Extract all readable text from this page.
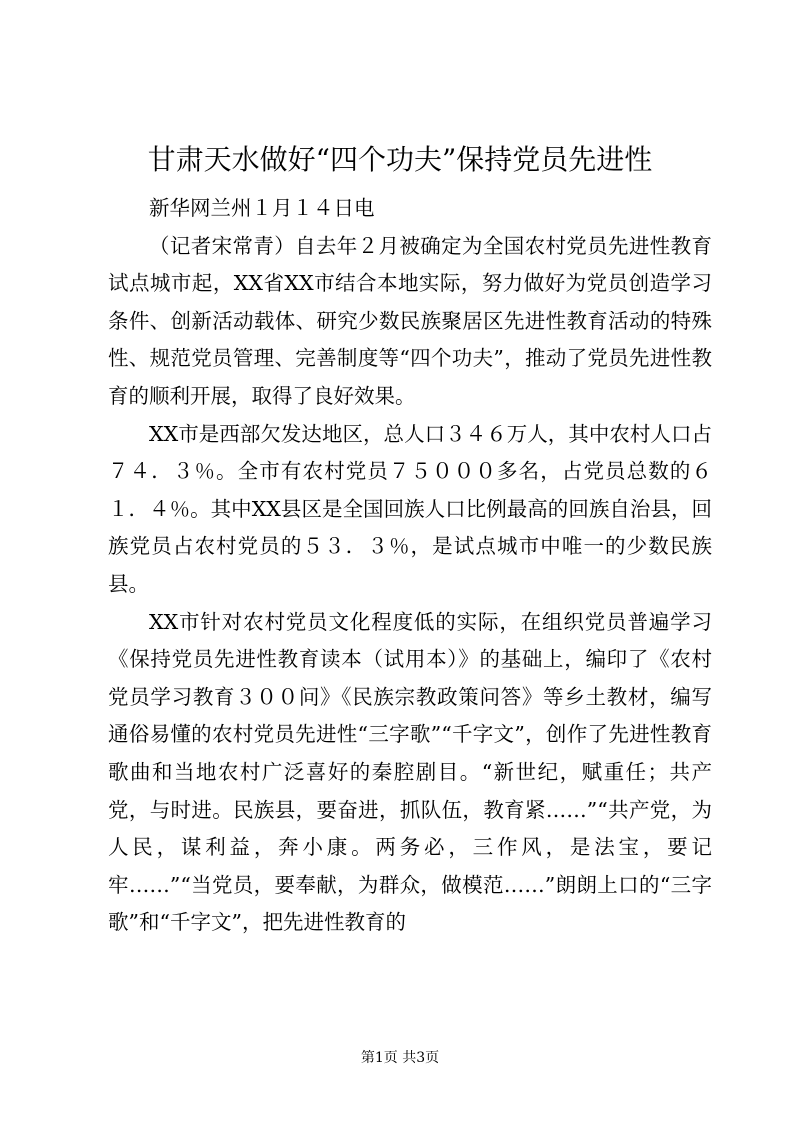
甘肃天水做好“四个功夫”保持党员先进性

新华网兰州１月１４日电

（记者宋常青）自去年２月被确定为全国农村党员先进性教育试点城市起，XX省XX市结合本地实际，努力做好为党员创造学习条件、创新活动载体、研究少数民族聚居区先进性教育活动的特殊性、规范党员管理、完善制度等“四个功夫”，推动了党员先进性教育的顺利开展，取得了良好效果。

XX市是西部欠发达地区，总人口３４６万人，其中农村人口占７４．３％。全市有农村党员７５０００多名，占党员总数的６１．４％。其中XX县区是全国回族人口比例最高的回族自治县，回族党员占农村党员的５３．３％，是试点城市中唯一的少数民族县。

XX市针对农村党员文化程度低的实际，在组织党员普遍学习《保持党员先进性教育读本（试用本）》的基础上，编印了《农村党员学习教育３００问》《民族宗教政策问答》等乡土教材，编写通俗易懂的农村党员先进性“三字歌”“千字文”，创作了先进性教育歌曲和当地农村广泛喜好的秦腔剧目。“新世纪，赋重任；共产党，与时进。民族县，要奋进，抓队伍，教育紧……”“共产党，为人民，谋利益，奔小康。两务必，三作风，是法宝，要记牢……”“当党员，要奉献，为群众，做模范……”朗朗上口的“三字歌”和“千字文”，把先进性教育的

第1页 共3页
